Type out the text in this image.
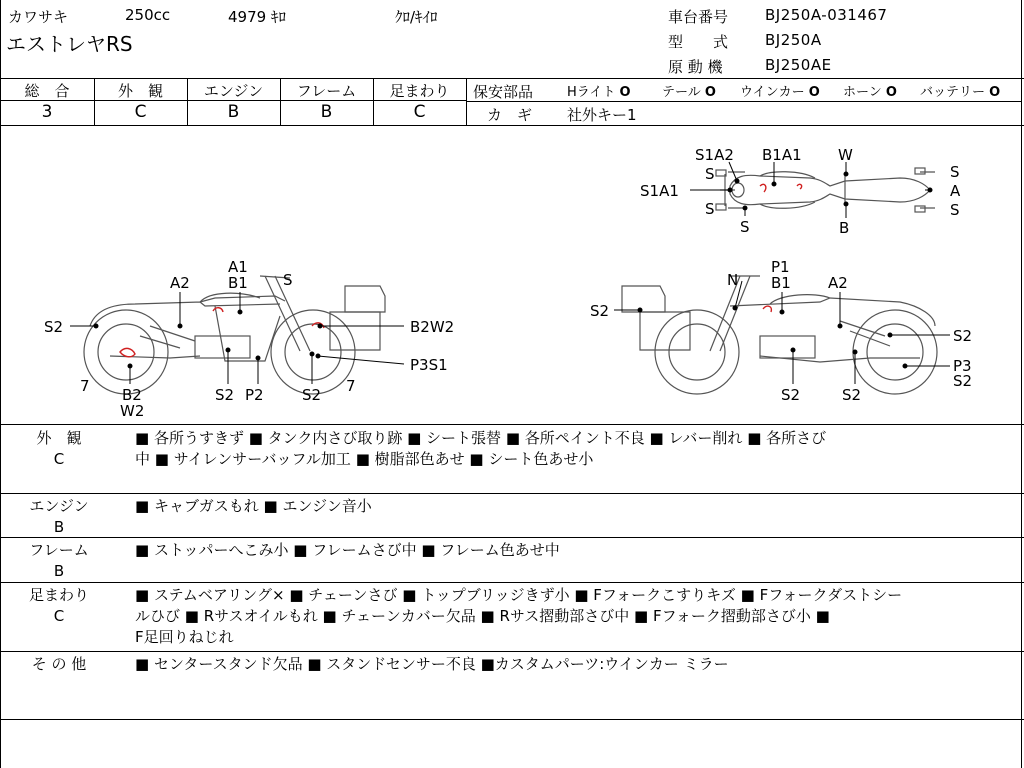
カワサキ	250cc	4979 ｷﾛ	ｸﾛ/ｷｲﾛ
エストレヤRS
車台番号 BJ250A-031467
型　　式 BJ250A
原 動 機	BJ250AE
総　合	外　観	エンジン	フレーム	足まわり
3	C	B	B	C
保安部品	Hライト O テール O ウインカー O ホーン O バッテリー O
カ　ギ 社外キー1
S1A2 B1A1 W
S
S
S1A1
S
S	B
S
A
A1
B1 S
A2
S2	B2W2
P3S1
7 B2
W2
S2 P2	S2 7
N
P1
B1 A2
S2
S2
P3
S2
S2	S2
外　観
C
■ 各所うすきず ■ タンク内さび取り跡 ■ シート張替 ■ 各所ペイント不良 ■ レバー削れ ■ 各所さび
中 ■ サイレンサーバッフル加工 ■ 樹脂部色あせ ■ シート色あせ小
エンジン
B
■ キャブガスもれ ■ エンジン音小
フレーム
B
■ ストッパーへこみ小 ■ フレームさび中 ■ フレーム色あせ中
足まわり
C
■ ステムベアリング× ■ チェーンさび ■ トップブリッジきず小 ■ Fフォークこすりキズ ■ Fフォークダストシー
ルひび ■ Rサスオイルもれ ■ チェーンカバー欠品 ■ Rサス摺動部さび中 ■ Fフォーク摺動部さび小 ■
F足回りねじれ
そ の 他	■ センタースタンド欠品 ■ スタンドセンサー不良 ■カスタムパーツ:ウインカー ミラー
